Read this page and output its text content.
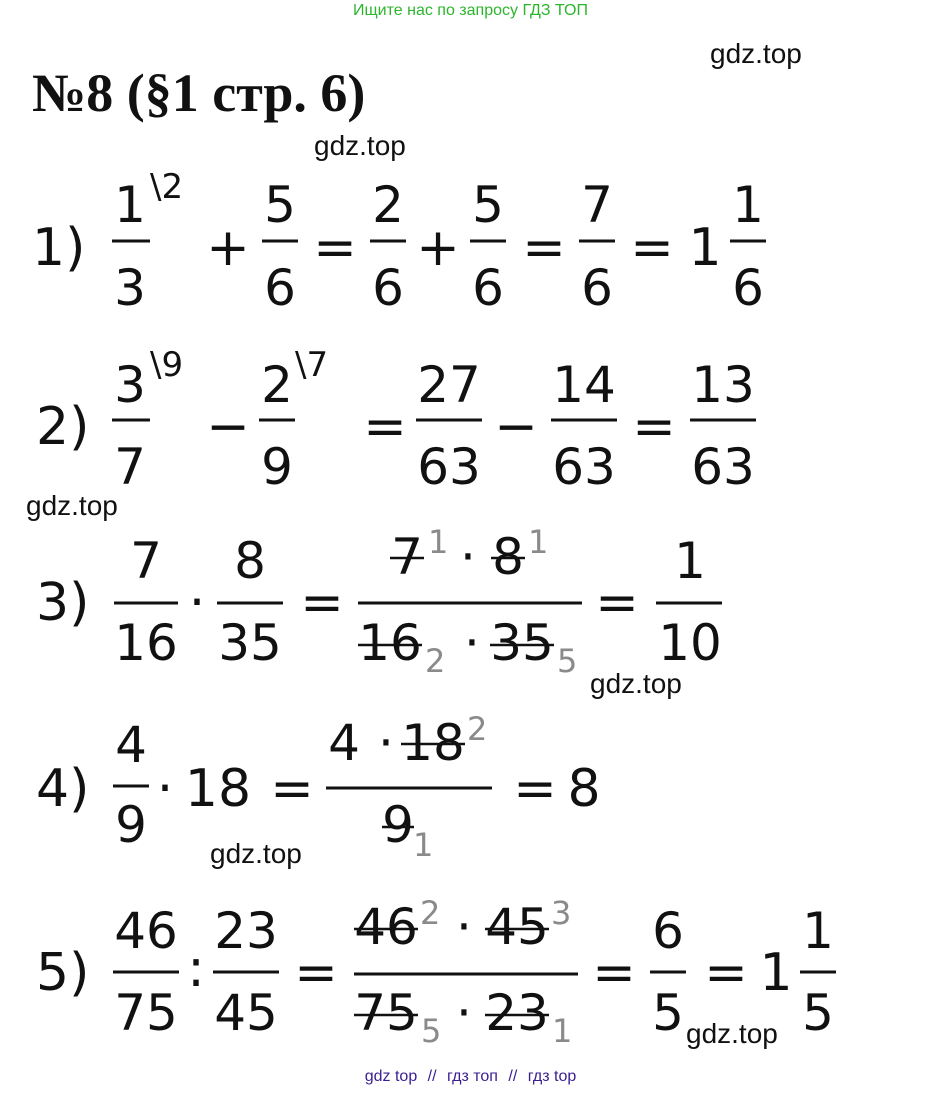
Ищите нас по запросу ГДЗ ТОП
№8 (§1 стр. 6)
gdz.top
gdz.top
gdz.top
gdz.top
gdz.top
gdz.top
1)
1
3
\2
+
5
6
=
2
6
+
5
6
=
7
6
= 1
1
6
2)
3
7
\9
−
2
9
\7
=
27
63
−
14
63
=
13
63
3)
7
16
·
8
35
=
7 1 · 8 1
16 2 · 35 5
=
1
10
4)
4
9
· 18 =
4 · 18 2
9 1
= 8
5)
46
75
:
23
45
=
46 2 · 45 3
75 5 · 23 1
=
6
5
= 1
1
5
gdz top // гдз топ // гдз top
